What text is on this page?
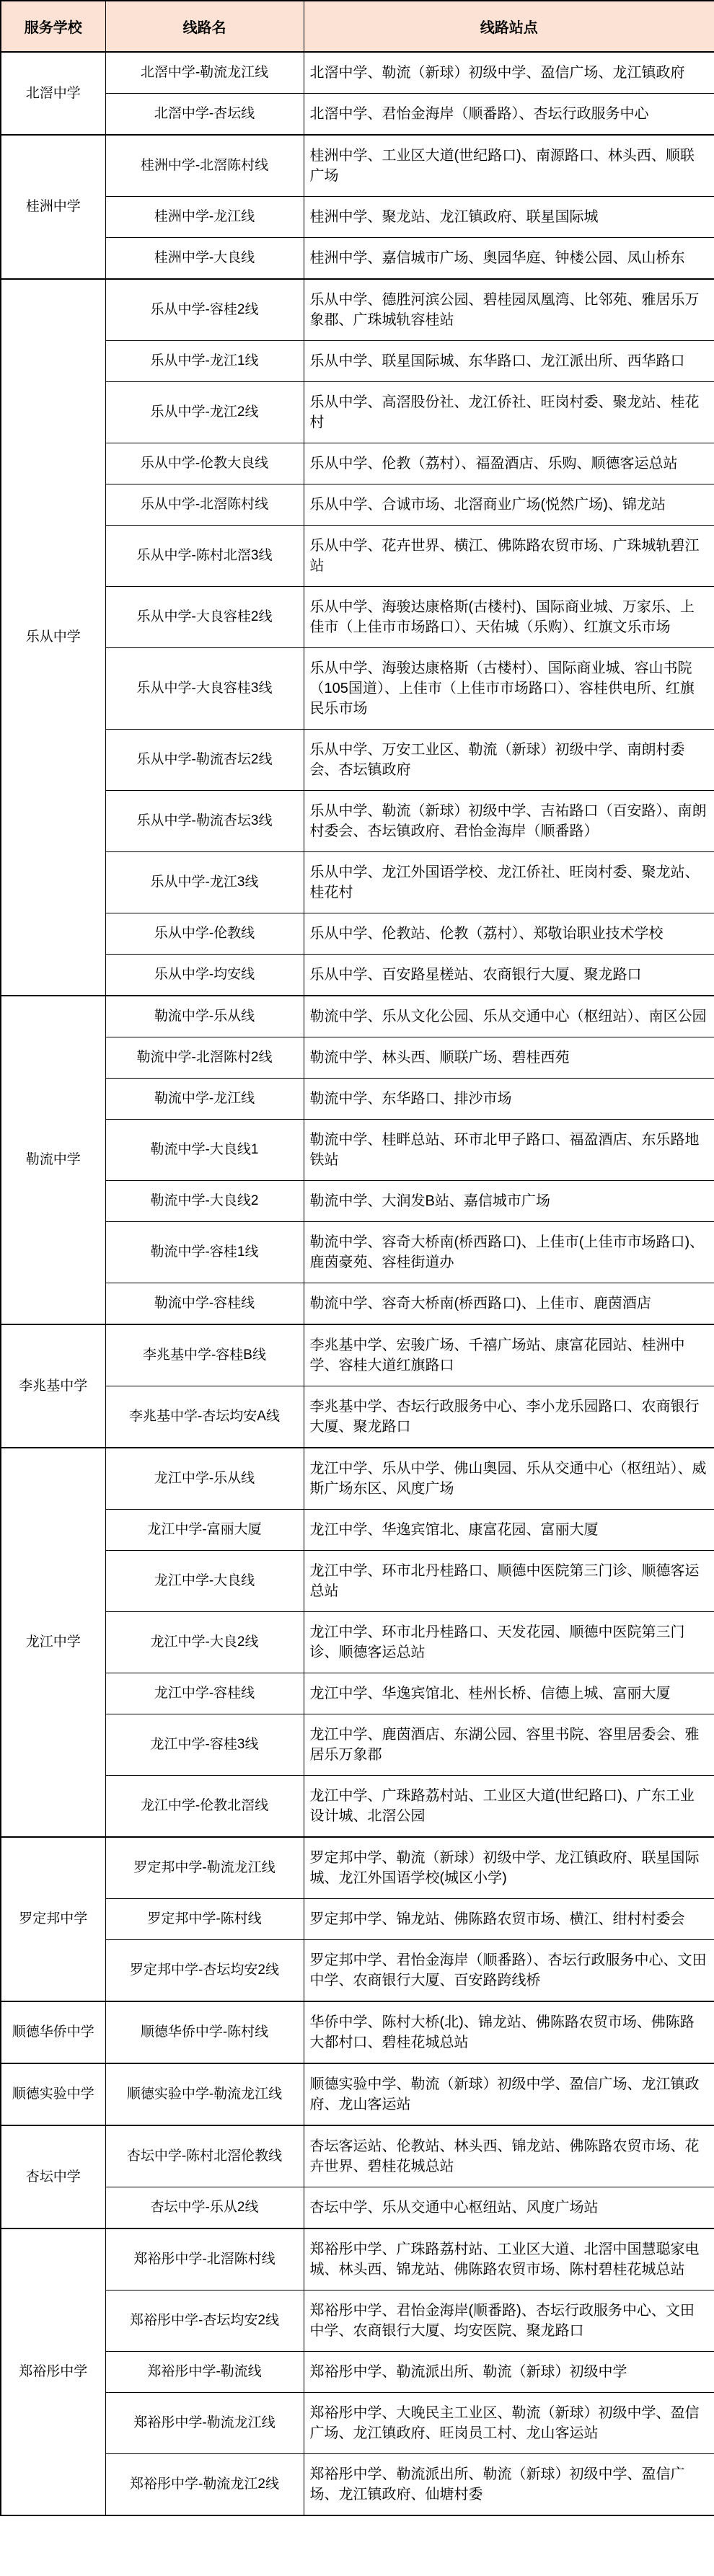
服务学校	线路名	线路站点
北滘中学	北滘中学-勒流龙江线	北滘中学、勒流（新球）初级中学、盈信广场、龙江镇政府
	北滘中学-杏坛线	北滘中学、君怡金海岸（顺番路）、杏坛行政服务中心
桂洲中学	桂洲中学-北滘陈村线	桂洲中学、工业区大道(世纪路口)、南源路口、林头西、顺联广场
	桂洲中学-龙江线	桂洲中学、聚龙站、龙江镇政府、联星国际城
	桂洲中学-大良线	桂洲中学、嘉信城市广场、奥园华庭、钟楼公园、凤山桥东
乐从中学	乐从中学-容桂2线	乐从中学、德胜河滨公园、碧桂园凤凰湾、比邻苑、雅居乐万象郡、广珠城轨容桂站
	乐从中学-龙江1线	乐从中学、联星国际城、东华路口、龙江派出所、西华路口
	乐从中学-龙江2线	乐从中学、高滘股份社、龙江侨社、旺岗村委、聚龙站、桂花村
	乐从中学-伦教大良线	乐从中学、伦教（荔村）、福盈酒店、乐购、顺德客运总站
	乐从中学-北滘陈村线	乐从中学、合诚市场、北滘商业广场(悦然广场)、锦龙站
	乐从中学-陈村北滘3线	乐从中学、花卉世界、横江、佛陈路农贸市场、广珠城轨碧江站
	乐从中学-大良容桂2线	乐从中学、海骏达康格斯(古楼村)、国际商业城、万家乐、上佳市（上佳市市场路口）、天佑城（乐购）、红旗文乐市场
	乐从中学-大良容桂3线	乐从中学、海骏达康格斯（古楼村）、国际商业城、容山书院（105国道）、上佳市（上佳市市场路口）、容桂供电所、红旗民乐市场
	乐从中学-勒流杏坛2线	乐从中学、万安工业区、勒流（新球）初级中学、南朗村委会、杏坛镇政府
	乐从中学-勒流杏坛3线	乐从中学、勒流（新球）初级中学、吉祐路口（百安路）、南朗村委会、杏坛镇政府、君怡金海岸（顺番路）
	乐从中学-龙江3线	乐从中学、龙江外国语学校、龙江侨社、旺岗村委、聚龙站、桂花村
	乐从中学-伦教线	乐从中学、伦教站、伦教（荔村）、郑敬诒职业技术学校
	乐从中学-均安线	乐从中学、百安路星槎站、农商银行大厦、聚龙路口
勒流中学	勒流中学-乐从线	勒流中学、乐从文化公园、乐从交通中心（枢纽站）、南区公园
	勒流中学-北滘陈村2线	勒流中学、林头西、顺联广场、碧桂西苑
	勒流中学-龙江线	勒流中学、东华路口、排沙市场
	勒流中学-大良线1	勒流中学、桂畔总站、环市北甲子路口、福盈酒店、东乐路地铁站
	勒流中学-大良线2	勒流中学、大润发B站、嘉信城市广场
	勒流中学-容桂1线	勒流中学、容奇大桥南(桥西路口)、上佳市(上佳市市场路口)、鹿茵豪苑、容桂街道办
	勒流中学-容桂线	勒流中学、容奇大桥南(桥西路口)、上佳市、鹿茵酒店
李兆基中学	李兆基中学-容桂B线	李兆基中学、宏骏广场、千禧广场站、康富花园站、桂洲中学、容桂大道红旗路口
	李兆基中学-杏坛均安A线	李兆基中学、杏坛行政服务中心、李小龙乐园路口、农商银行大厦、聚龙路口
龙江中学	龙江中学-乐从线	龙江中学、乐从中学、佛山奥园、乐从交通中心（枢纽站）、威斯广场东区、风度广场
	龙江中学-富丽大厦	龙江中学、华逸宾馆北、康富花园、富丽大厦
	龙江中学-大良线	龙江中学、环市北丹桂路口、顺德中医院第三门诊、顺德客运总站
	龙江中学-大良2线	龙江中学、环市北丹桂路口、天发花园、顺德中医院第三门诊、顺德客运总站
	龙江中学-容桂线	龙江中学、华逸宾馆北、桂州长桥、信德上城、富丽大厦
	龙江中学-容桂3线	龙江中学、鹿茵酒店、东湖公园、容里书院、容里居委会、雅居乐万象郡
	龙江中学-伦教北滘线	龙江中学、广珠路荔村站、工业区大道(世纪路口)、广东工业设计城、北滘公园
罗定邦中学	罗定邦中学-勒流龙江线	罗定邦中学、勒流（新球）初级中学、龙江镇政府、联星国际城、龙江外国语学校(城区小学)
	罗定邦中学-陈村线	罗定邦中学、锦龙站、佛陈路农贸市场、横江、绀村村委会
	罗定邦中学-杏坛均安2线	罗定邦中学、君怡金海岸（顺番路）、杏坛行政服务中心、文田中学、农商银行大厦、百安路跨线桥
顺德华侨中学	顺德华侨中学-陈村线	华侨中学、陈村大桥(北)、锦龙站、佛陈路农贸市场、佛陈路大都村口、碧桂花城总站
顺德实验中学	顺德实验中学-勒流龙江线	顺德实验中学、勒流（新球）初级中学、盈信广场、龙江镇政府、龙山客运站
杏坛中学	杏坛中学-陈村北滘伦教线	杏坛客运站、伦教站、林头西、锦龙站、佛陈路农贸市场、花卉世界、碧桂花城总站
	杏坛中学-乐从2线	杏坛中学、乐从交通中心枢纽站、风度广场站
郑裕彤中学	郑裕彤中学-北滘陈村线	郑裕彤中学、广珠路荔村站、工业区大道、北滘中国慧聪家电城、林头西、锦龙站、佛陈路农贸市场、陈村碧桂花城总站
	郑裕彤中学-杏坛均安2线	郑裕彤中学、君怡金海岸(顺番路)、杏坛行政服务中心、文田中学、农商银行大厦、均安医院、聚龙路口
	郑裕彤中学-勒流线	郑裕彤中学、勒流派出所、勒流（新球）初级中学
	郑裕彤中学-勒流龙江线	郑裕彤中学、大晚民主工业区、勒流（新球）初级中学、盈信广场、龙江镇政府、旺岗员工村、龙山客运站
	郑裕彤中学-勒流龙江2线	郑裕彤中学、勒流派出所、勒流（新球）初级中学、盈信广场、龙江镇政府、仙塘村委
